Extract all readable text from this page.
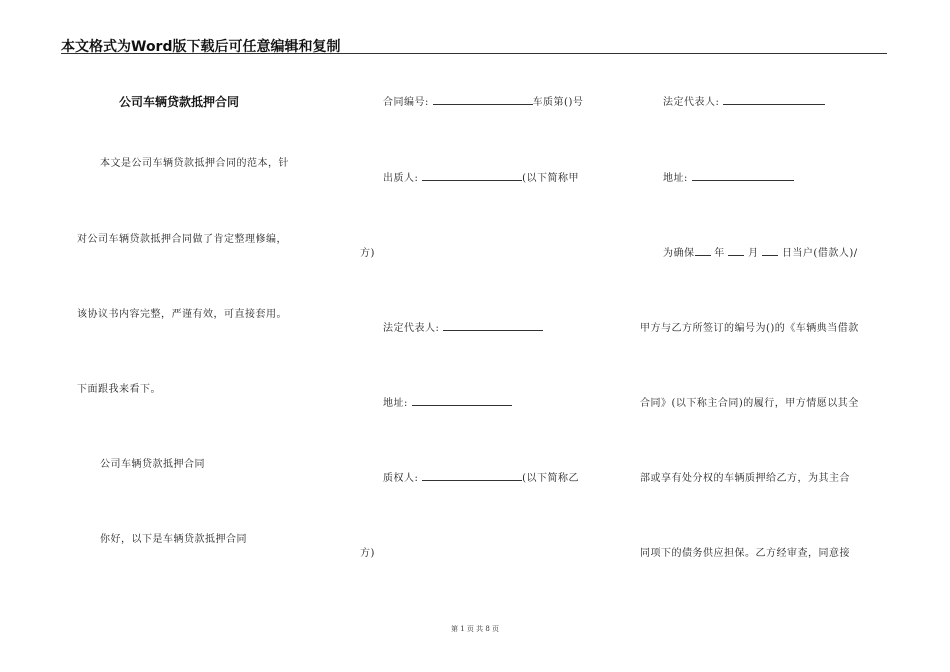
本文格式为Word版下载后可任意编辑和复制
公司车辆贷款抵押合同
本文是公司车辆贷款抵押合同的范本，针
对公司车辆贷款抵押合同做了肯定整理修编，
该协议书内容完整，严谨有效，可直接套用。
下面跟我来看下。
公司车辆贷款抵押合同
你好，以下是车辆贷款抵押合同
合同编号:	车质第()号
出质人:	(以下简称甲
方)
法定代表人:
地址:
质权人:	(以下简称乙
方)
法定代表人:
地址:
为确保 年 月 日当户(借款人)/
甲方与乙方所签订的编号为()的《车辆典当借款
合同》(以下称主合同)的履行，甲方情愿以其全
部或享有处分权的车辆质押给乙方，为其主合
同项下的债务供应担保。乙方经审查，同意接
第 1 页 共 8 页
